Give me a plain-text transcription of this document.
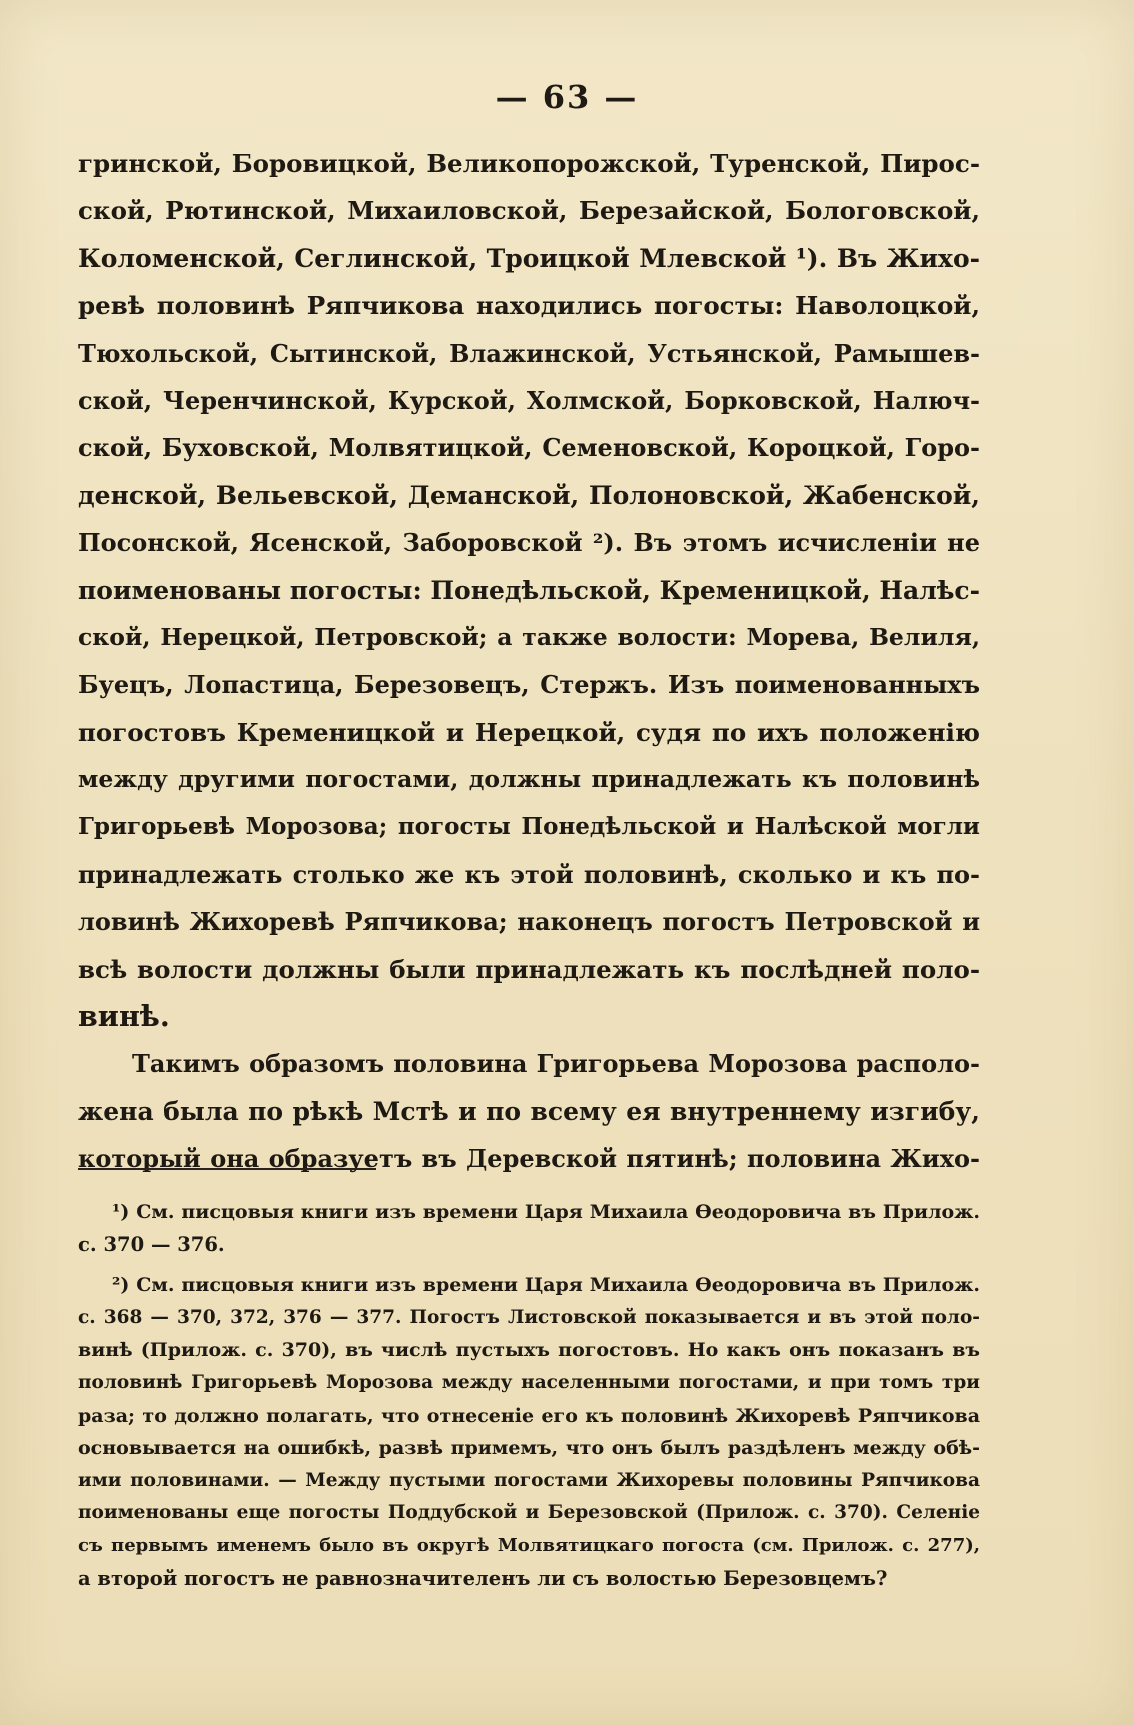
— 63 —
гринской, Боровицкой, Великопорожской, Туренской, Пирос-
ской, Рютинской, Михаиловской, Березайской, Бологовской,
Коломенской, Сеглинской, Троицкой Млевской ¹). Въ Жихо-
ревѣ половинѣ Ряпчикова находились погосты: Наволоцкой,
Тюхольской, Сытинской, Влажинской, Устьянской, Рамышев-
ской, Черенчинской, Курской, Холмской, Борковской, Налюч-
ской, Буховской, Молвятицкой, Семеновской, Короцкой, Горо-
денской, Вельевской, Деманской, Полоновской, Жабенской,
Посонской, Ясенской, Заборовской ²). Въ этомъ исчисленіи не
поименованы погосты: Понедѣльской, Кременицкой, Налѣс-
ской, Нерецкой, Петровской; а также волости: Морева, Велиля,
Буецъ, Лопастица, Березовецъ, Стержъ. Изъ поименованныхъ
погостовъ Кременицкой и Нерецкой, судя по ихъ положенію
между другими погостами, должны принадлежать къ половинѣ
Григорьевѣ Морозова; погосты Понедѣльской и Налѣской могли
принадлежать столько же къ этой половинѣ, сколько и къ по-
ловинѣ Жихоревѣ Ряпчикова; наконецъ погостъ Петровской и
всѣ волости должны были принадлежать къ послѣдней поло-
винѣ.
Такимъ образомъ половина Григорьева Морозова располо-
жена была по рѣкѣ Мстѣ и по всему ея внутреннему изгибу,
который она образуетъ въ Деревской пятинѣ; половина Жихо-
¹) См. писцовыя книги изъ времени Царя Михаила Ѳеодоровича въ Прилож.
с. 370 — 376.
²) См. писцовыя книги изъ времени Царя Михаила Ѳеодоровича въ Прилож.
с. 368 — 370, 372, 376 — 377. Погостъ Листовской показывается и въ этой поло-
винѣ (Прилож. с. 370), въ числѣ пустыхъ погостовъ. Но какъ онъ показанъ въ
половинѣ Григорьевѣ Морозова между населенными погостами, и при томъ три
раза; то должно полагать, что отнесеніе его къ половинѣ Жихоревѣ Ряпчикова
основывается на ошибкѣ, развѣ примемъ, что онъ былъ раздѣленъ между обѣ-
ими половинами. — Между пустыми погостами Жихоревы половины Ряпчикова
поименованы еще погосты Поддубской и Березовской (Прилож. с. 370). Селеніе
съ первымъ именемъ было въ округѣ Молвятицкаго погоста (см. Прилож. с. 277),
а второй погостъ не равнозначителенъ ли съ волостью Березовцемъ?
